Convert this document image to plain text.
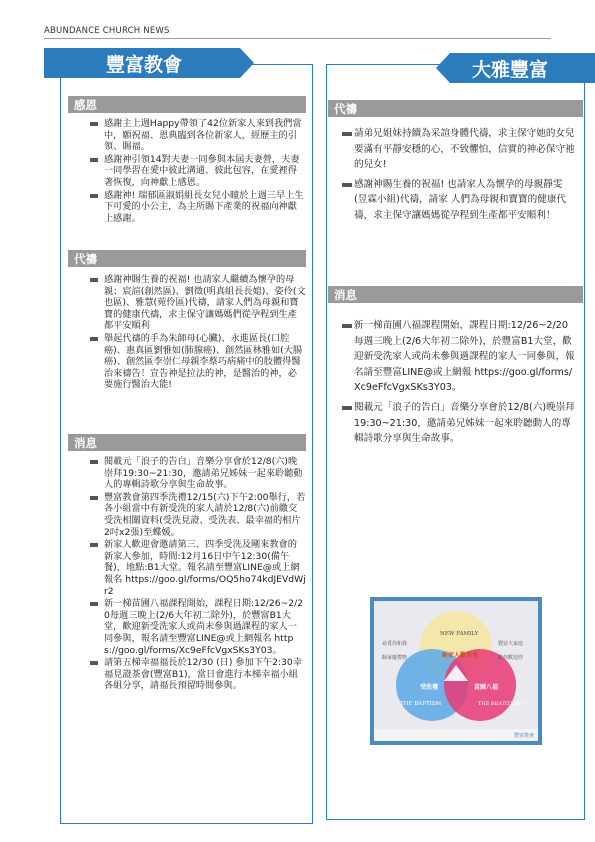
ABUNDANCE CHURCH NEWS
豐富教會	大雅豐富
感恩
感謝主上週Happy帶領了42位新家人來到我們當中，願祝福、恩典臨到各位新家人，經歷主的引領、賜福。
感謝神引領14對夫妻一同參與本屆夫妻營，夫妻一同學習在愛中彼此溝通、彼此包容，在愛裡得著恢復，向神獻上感恩。
感謝神! 瑞郁區淑娟組長女兒小瞳於上週三早上生下可愛的小公主，為主所賜下產業的祝福向神獻上感謝。
代禱
感謝神賜生養的祝福! 也請家人繼續為懷孕的母親；宸諠(創然區)、劉徵(明真組長長媳)、姿伶(文也區)、雅慧(菀伶區)代禱，請家人們為母親和寶寶的健康代禱，求主保守讓媽媽們從孕程到生產都平安順利
舉起代禱的手為朱師母(心臟)、永進區長(口腔癌)、惠真區劉雅如(肺腺癌)、創然區林雅如(大腸癌)、創然區李崇仁母親李蔡巧病痛中的肢體得醫治來禱告！宣告神是拉法的神，是醫治的神，必要施行醫治大能!
消息
閱載元「浪子的告白」音樂分享會於12/8(六)晚崇拜19:30~21:30，邀請弟兄姊妹一起來聆聽動人的專輯詩歌分享與生命故事。
豐富教會第四季洗禮12/15(六)下午2:00舉行，若各小組當中有新受洗的家人請於12/8(六)前繳交受洗相關資料(受洗見證、受洗表、最幸福的相片2吋x2張)至蝶媛。
新家人歡迎會邀請第三、四季受洗及剛來教會的新家人參加，時間:12月16日中午12:30(備午餐)，地點:B1大堂。報名請至豐富LINE@或上網報名 https://goo.gl/forms/OQ5ho74kdJEVdWjr2
新一梯苗圃八福課程開始，課程日期:12/26~2/20每週三晚上(2/6大年初二除外)，於豐富B1大堂，歡迎新受洗家人或尚未參與過課程的家人一同參與，報名請至豐富LINE@或上網報名 https://goo.gl/forms/Xc9eFfcVgxSKs3Y03。
請第五梯幸福福長於12/30 (日) 參加下午2:30幸福見證茶會(豐富B1)，當日會進行本梯幸福小組各組分享，請福長預留時間參與。
代禱
請弟兄姐妹持續為采諠身體代禱，求主保守她的女兒要滿有平靜安穩的心，不致懼怕，信實的神必保守祂的兒女!
感謝神賜生養的祝福! 也請家人為懷孕的母親靜雯(昱霖小組)代禱，請家 人們為母親和寶寶的健康代禱，求主保守讓媽媽從孕程到生產都平安順利！
消息
新一梯苗圃八福課程開始，課程日期:12/26~2/20每週三晚上(2/6大年初二除外)，於豐富B1大堂，歡迎新受洗家人或尚未參與過課程的家人一同參與，報名請至豐富LINE@或上網報 https://goo.gl/forms/Xc9eFfcVgxSKs3Y03。
閱載元「浪子的告白」音樂分享會於12/8(六)晚崇拜19:30~21:30，邀請弟兄姊妹一起來聆聽動人的專輯詩歌分享與生命故事。
NEW FAMILY
THE BAPTISM	THE BEATITUDES
新家人歡迎會
受洗禮	苗圃八福
尋覓你和我
歸家慶禮物
豐富大家庭
歡你歡迎你
豐富教會
